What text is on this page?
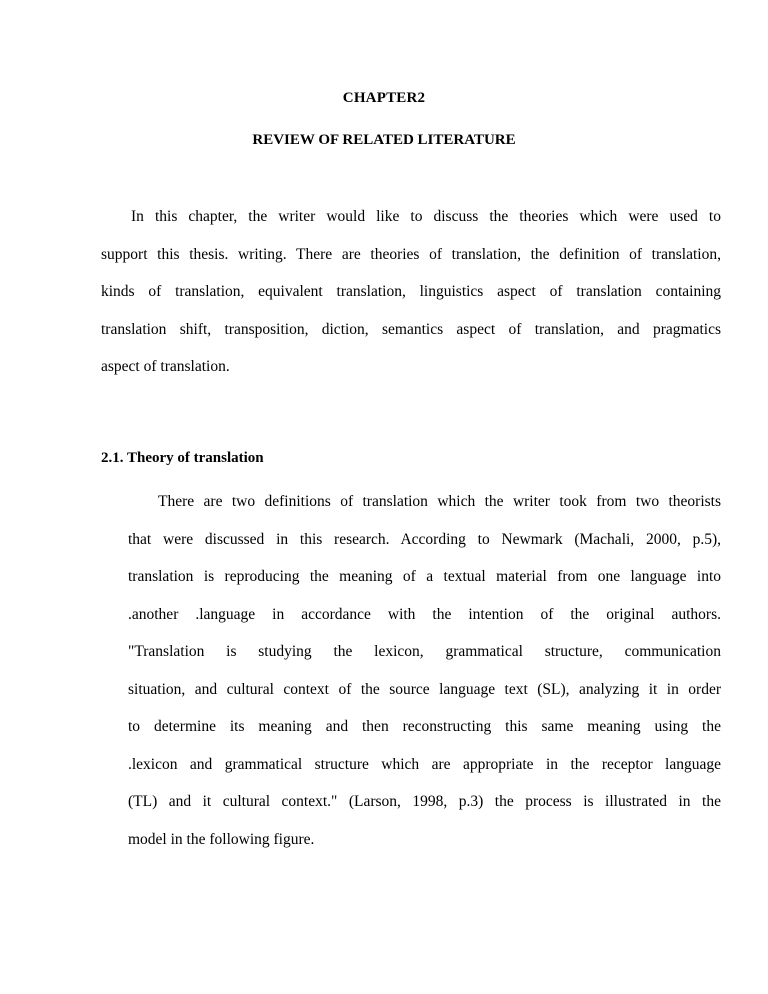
CHAPTER2
REVIEW OF RELATED LITERATURE
In this chapter, the writer would like to discuss the theories which were used to
support this thesis. writing. There are theories of translation, the definition of translation,
kinds of translation, equivalent translation, linguistics aspect of translation containing
translation shift, transposition, diction, semantics aspect of translation, and pragmatics
aspect of translation.
2.1. Theory of translation
There are two definitions of translation which the writer took from two theorists
that were discussed in this research. According to Newmark (Machali, 2000, p.5),
translation is reproducing the meaning of a textual material from one language into
.another .language in accordance with the intention of the original authors.
"Translation is studying the lexicon, grammatical structure, communication
situation, and cultural context of the source language text (SL), analyzing it in order
to determine its meaning and then reconstructing this same meaning using the
.lexicon and grammatical structure which are appropriate in the receptor language
(TL) and it cultural context." (Larson, 1998, p.3) the process is illustrated in the
model in the following figure.
